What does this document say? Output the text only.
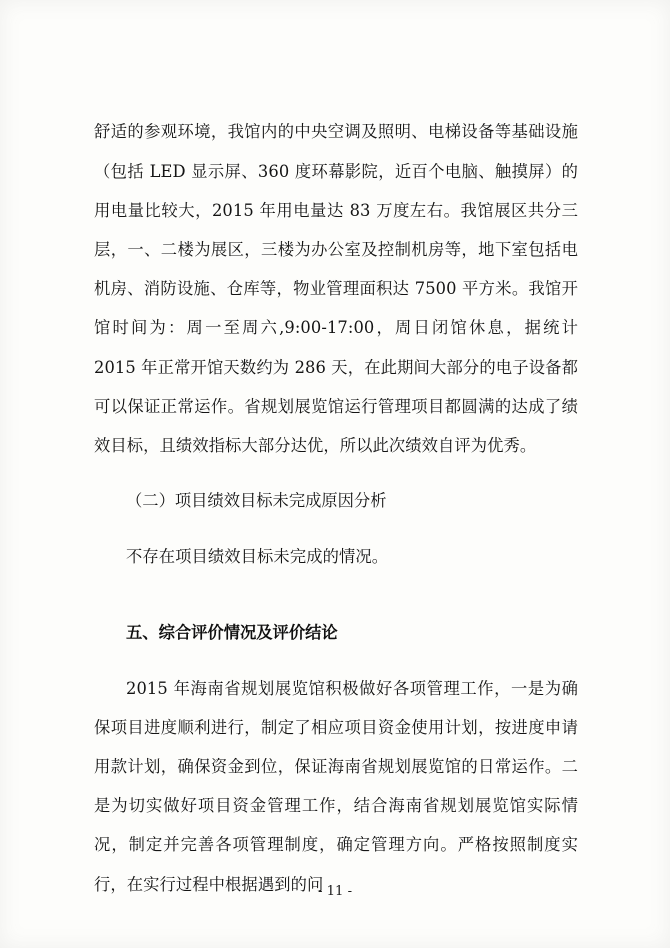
舒适的参观环境，我馆内的中央空调及照明、电梯设备等基础设施（包括 LED 显示屏、360 度环幕影院，近百个电脑、触摸屏）的用电量比较大，2015 年用电量达 83 万度左右。我馆展区共分三层，一、二楼为展区，三楼为办公室及控制机房等，地下室包括电机房、消防设施、仓库等，物业管理面积达 7500 平方米。我馆开馆时间为：周一至周六,9:00-17:00，周日闭馆休息，据统计 2015 年正常开馆天数约为 286 天，在此期间大部分的电子设备都可以保证正常运作。省规划展览馆运行管理项目都圆满的达成了绩效目标，且绩效指标大部分达优，所以此次绩效自评为优秀。

（二）项目绩效目标未完成原因分析

不存在项目绩效目标未完成的情况。

五、综合评价情况及评价结论

2015 年海南省规划展览馆积极做好各项管理工作，一是为确保项目进度顺利进行，制定了相应项目资金使用计划，按进度申请用款计划，确保资金到位，保证海南省规划展览馆的日常运作。二是为切实做好项目资金管理工作，结合海南省规划展览馆实际情况，制定并完善各项管理制度，确定管理方向。严格按照制度实行，在实行过程中根据遇到的问

- 11 -
